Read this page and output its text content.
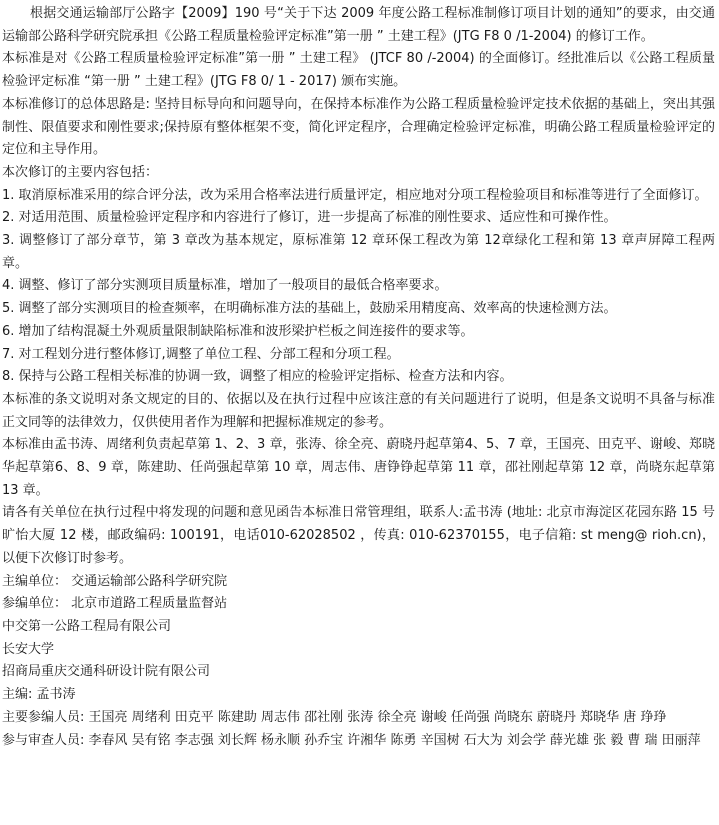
根据交通运输部厅公路字【2009】190 号“关于下达 2009 年度公路工程标准制修订项目计划的通知”的要求，由交通运输部公路科学研究院承担《公路工程质量检验评定标准”第一册 ” 土建工程》(JTG F8 0 /1-2004) 的修订工作。

本标准是对《公路工程质量检验评定标准”第一册 ” 土建工程》 (JTCF 80 /-2004) 的全面修订。经批准后以《公路工程质量检验评定标准 “第一册 ” 土建工程》(JTG F8 0/ 1 - 2017) 颁布实施。

本标准修订的总体思路是: 坚持目标导向和问题导向，在保持本标准作为公路工程质量检验评定技术依据的基础上，突出其强制性、限值要求和刚性要求;保持原有整体框架不变，简化评定程序，合理确定检验评定标准，明确公路工程质量检验评定的定位和主导作用。

本次修订的主要内容包括：

1. 取消原标准采用的综合评分法，改为采用合格率法进行质量评定，相应地对分项工程检验项目和标准等进行了全面修订。

2. 对适用范围、质量检验评定程序和内容进行了修订，进一步提高了标准的刚性要求、适应性和可操作性。

3. 调整修订了部分章节，第 3 章改为基本规定，原标准第 12 章环保工程改为第 12章绿化工程和第 13 章声屏障工程两章。

4. 调整、修订了部分实测项目质量标准，增加了一般项目的最低合格率要求。

5. 调整了部分实测项目的检查频率，在明确标准方法的基础上，鼓励采用精度高、效率高的快速检测方法。

6. 增加了结构混凝土外观质量限制缺陷标准和波形梁护栏板之间连接件的要求等。

7. 对工程划分进行整体修订,调整了单位工程、分部工程和分项工程。

8. 保持与公路工程相关标准的协调一致，调整了相应的检验评定指标、检查方法和内容。

本标准的条文说明对条文规定的目的、依据以及在执行过程中应该注意的有关问题进行了说明，但是条文说明不具备与标准正文同等的法律效力，仅供使用者作为理解和把握标准规定的参考。

本标准由孟书涛、周绪利负责起草第 1、2、3 章，张涛、徐全亮、蔚晓丹起草第4、5、7 章，王国亮、田克平、谢峻、郑晓华起草第6、8、9 章，陈建助、任尚强起草第 10 章，周志伟、唐铮铮起草第 11 章，邵社刚起草第 12 章，尚晓东起草第 13 章。

请各有关单位在执行过程中将发现的问题和意见函告本标准日常管理组，联系人:孟书涛 (地址: 北京市海淀区花园东路 15 号旷怡大厦 12 楼，邮政编码: 100191，电话010-62028502 ，传真: 010-62370155，电子信箱: st meng@ rioh.cn)，以便下次修订时参考。

主编单位： 交通运输部公路科学研究院

参编单位： 北京市道路工程质量监督站

中交第一公路工程局有限公司

长安大学

招商局重庆交通科研设计院有限公司

主编: 孟书涛

主要参编人员: 王国亮 周绪利 田克平 陈建助 周志伟 邵社刚 张涛 徐全亮 谢峻 任尚强 尚晓东 蔚晓丹 郑晓华 唐 琤琤

参与审查人员: 李春风 吴有铭 李志强 刘长辉 杨永顺 孙乔宝 许湘华 陈勇 辛国树 石大为 刘会学 薛光雄 张 毅 曹 瑞 田丽萍
